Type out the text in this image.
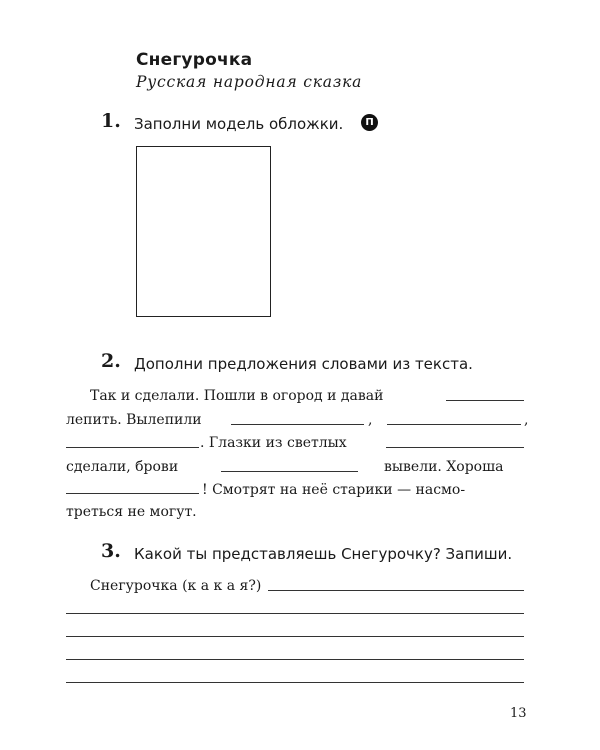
Снегурочка
Русская народная сказка
1. Заполни модель обложки.	П
2. Дополни предложения словами из текста.
Так и сделали. Пошли в огород и давай
лепить. Вылепили	,	,
. Глазки из светлых
сделали, брови	вывели. Хороша
! Смотрят на неё старики — насмо-
треться не могут.
3. Какой ты представляешь Снегурочку? Запиши.
Снегурочка (к а к а я?)
13
